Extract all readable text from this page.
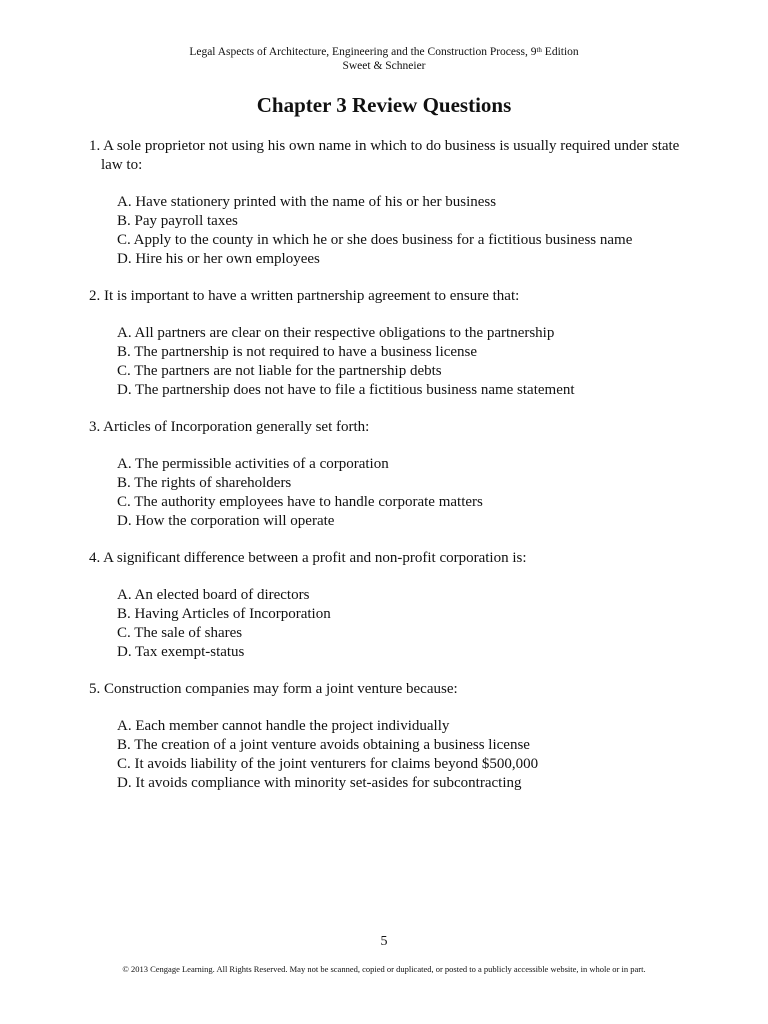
Legal Aspects of Architecture, Engineering and the Construction Process, 9th Edition
Sweet & Schneier
Chapter 3 Review Questions
1. A sole proprietor not using his own name in which to do business is usually required under state law to:
A. Have stationery printed with the name of his or her business
B. Pay payroll taxes
C. Apply to the county in which he or she does business for a fictitious business name
D. Hire his or her own employees
2. It is important to have a written partnership agreement to ensure that:
A. All partners are clear on their respective obligations to the partnership
B. The partnership is not required to have a business license
C. The partners are not liable for the partnership debts
D. The partnership does not have to file a fictitious business name statement
3. Articles of Incorporation generally set forth:
A. The permissible activities of a corporation
B. The rights of shareholders
C. The authority employees have to handle corporate matters
D. How the corporation will operate
4. A significant difference between a profit and non-profit corporation is:
A. An elected board of directors
B. Having Articles of Incorporation
C. The sale of shares
D. Tax exempt-status
5. Construction companies may form a joint venture because:
A. Each member cannot handle the project individually
B. The creation of a joint venture avoids obtaining a business license
C. It avoids liability of the joint venturers for claims beyond $500,000
D. It avoids compliance with minority set-asides for subcontracting
5
© 2013 Cengage Learning. All Rights Reserved. May not be scanned, copied or duplicated, or posted to a publicly accessible website, in whole or in part.
